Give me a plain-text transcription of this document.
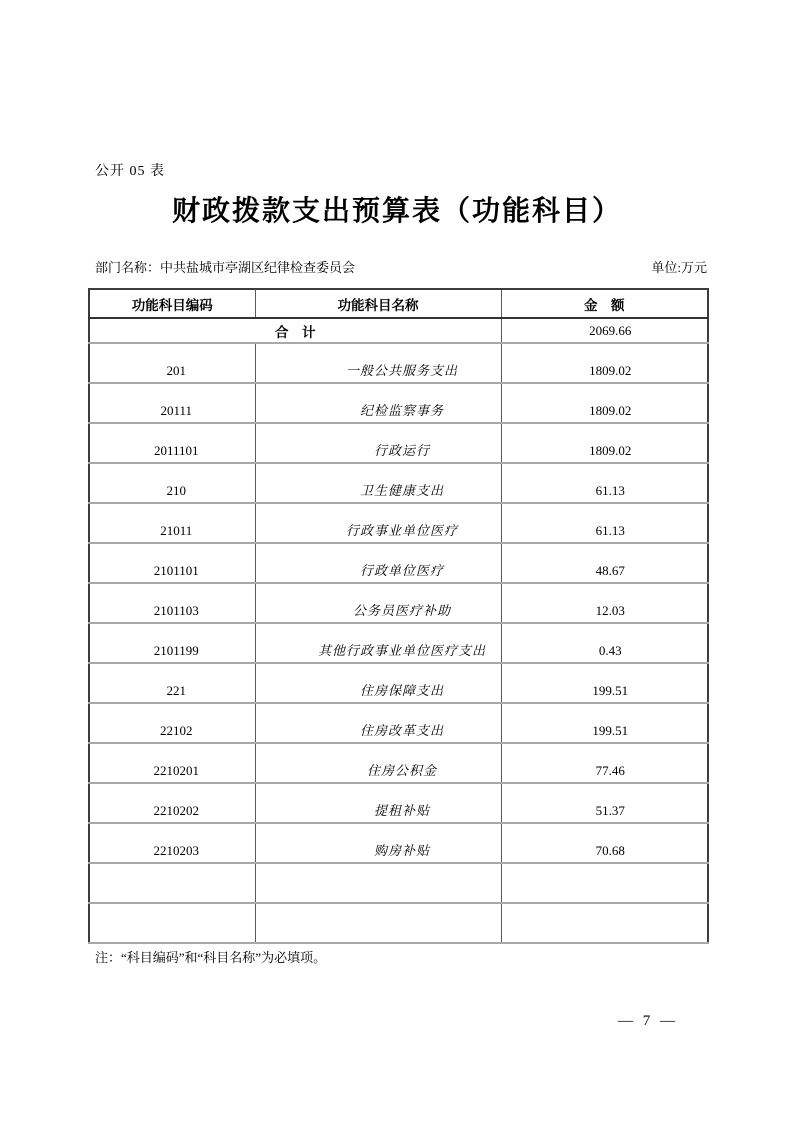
公开 05 表
财政拨款支出预算表（功能科目）
部门名称：中共盐城市亭湖区纪律检查委员会	单位:万元
功能科目编码	功能科目名称	金　额
合　计		2069.66
201	一般公共服务支出	1809.02
20111	纪检监察事务	1809.02
2011101	行政运行	1809.02
210	卫生健康支出	61.13
21011	行政事业单位医疗	61.13
2101101	行政单位医疗	48.67
2101103	公务员医疗补助	12.03
2101199	其他行政事业单位医疗支出	0.43
221	住房保障支出	199.51
22102	住房改革支出	199.51
2210201	住房公积金	77.46
2210202	提租补贴	51.37
2210203	购房补贴	70.68

注：“科目编码”和“科目名称”为必填项。
— 7 —
